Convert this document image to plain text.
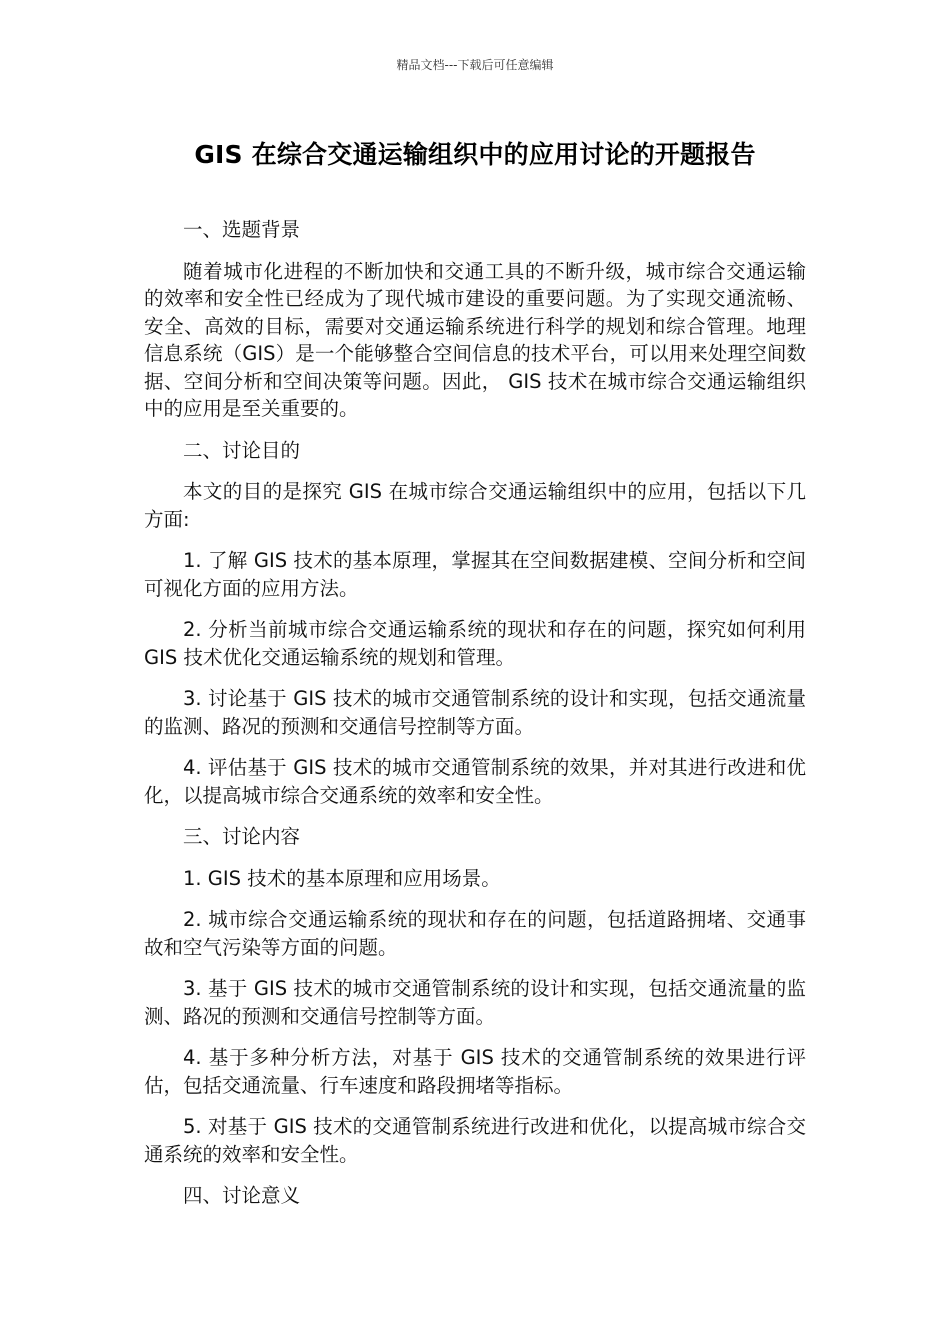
精品文档---下载后可任意编辑
GIS 在综合交通运输组织中的应用讨论的开题报告

一、选题背景

随着城市化进程的不断加快和交通工具的不断升级，城市综合交通运输的效率和安全性已经成为了现代城市建设的重要问题。为了实现交通流畅、安全、高效的目标，需要对交通运输系统进行科学的规划和综合管理。地理信息系统（GIS）是一个能够整合空间信息的技术平台，可以用来处理空间数据、空间分析和空间决策等问题。因此， GIS 技术在城市综合交通运输组织中的应用是至关重要的。

二、讨论目的

本文的目的是探究 GIS 在城市综合交通运输组织中的应用，包括以下几方面:

1. 了解 GIS 技术的基本原理，掌握其在空间数据建模、空间分析和空间可视化方面的应用方法。

2. 分析当前城市综合交通运输系统的现状和存在的问题，探究如何利用 GIS 技术优化交通运输系统的规划和管理。

3. 讨论基于 GIS 技术的城市交通管制系统的设计和实现，包括交通流量的监测、路况的预测和交通信号控制等方面。

4. 评估基于 GIS 技术的城市交通管制系统的效果，并对其进行改进和优化，以提高城市综合交通系统的效率和安全性。

三、讨论内容

1. GIS 技术的基本原理和应用场景。

2. 城市综合交通运输系统的现状和存在的问题，包括道路拥堵、交通事故和空气污染等方面的问题。

3. 基于 GIS 技术的城市交通管制系统的设计和实现，包括交通流量的监测、路况的预测和交通信号控制等方面。

4. 基于多种分析方法，对基于 GIS 技术的交通管制系统的效果进行评估，包括交通流量、行车速度和路段拥堵等指标。

5. 对基于 GIS 技术的交通管制系统进行改进和优化，以提高城市综合交通系统的效率和安全性。

四、讨论意义
